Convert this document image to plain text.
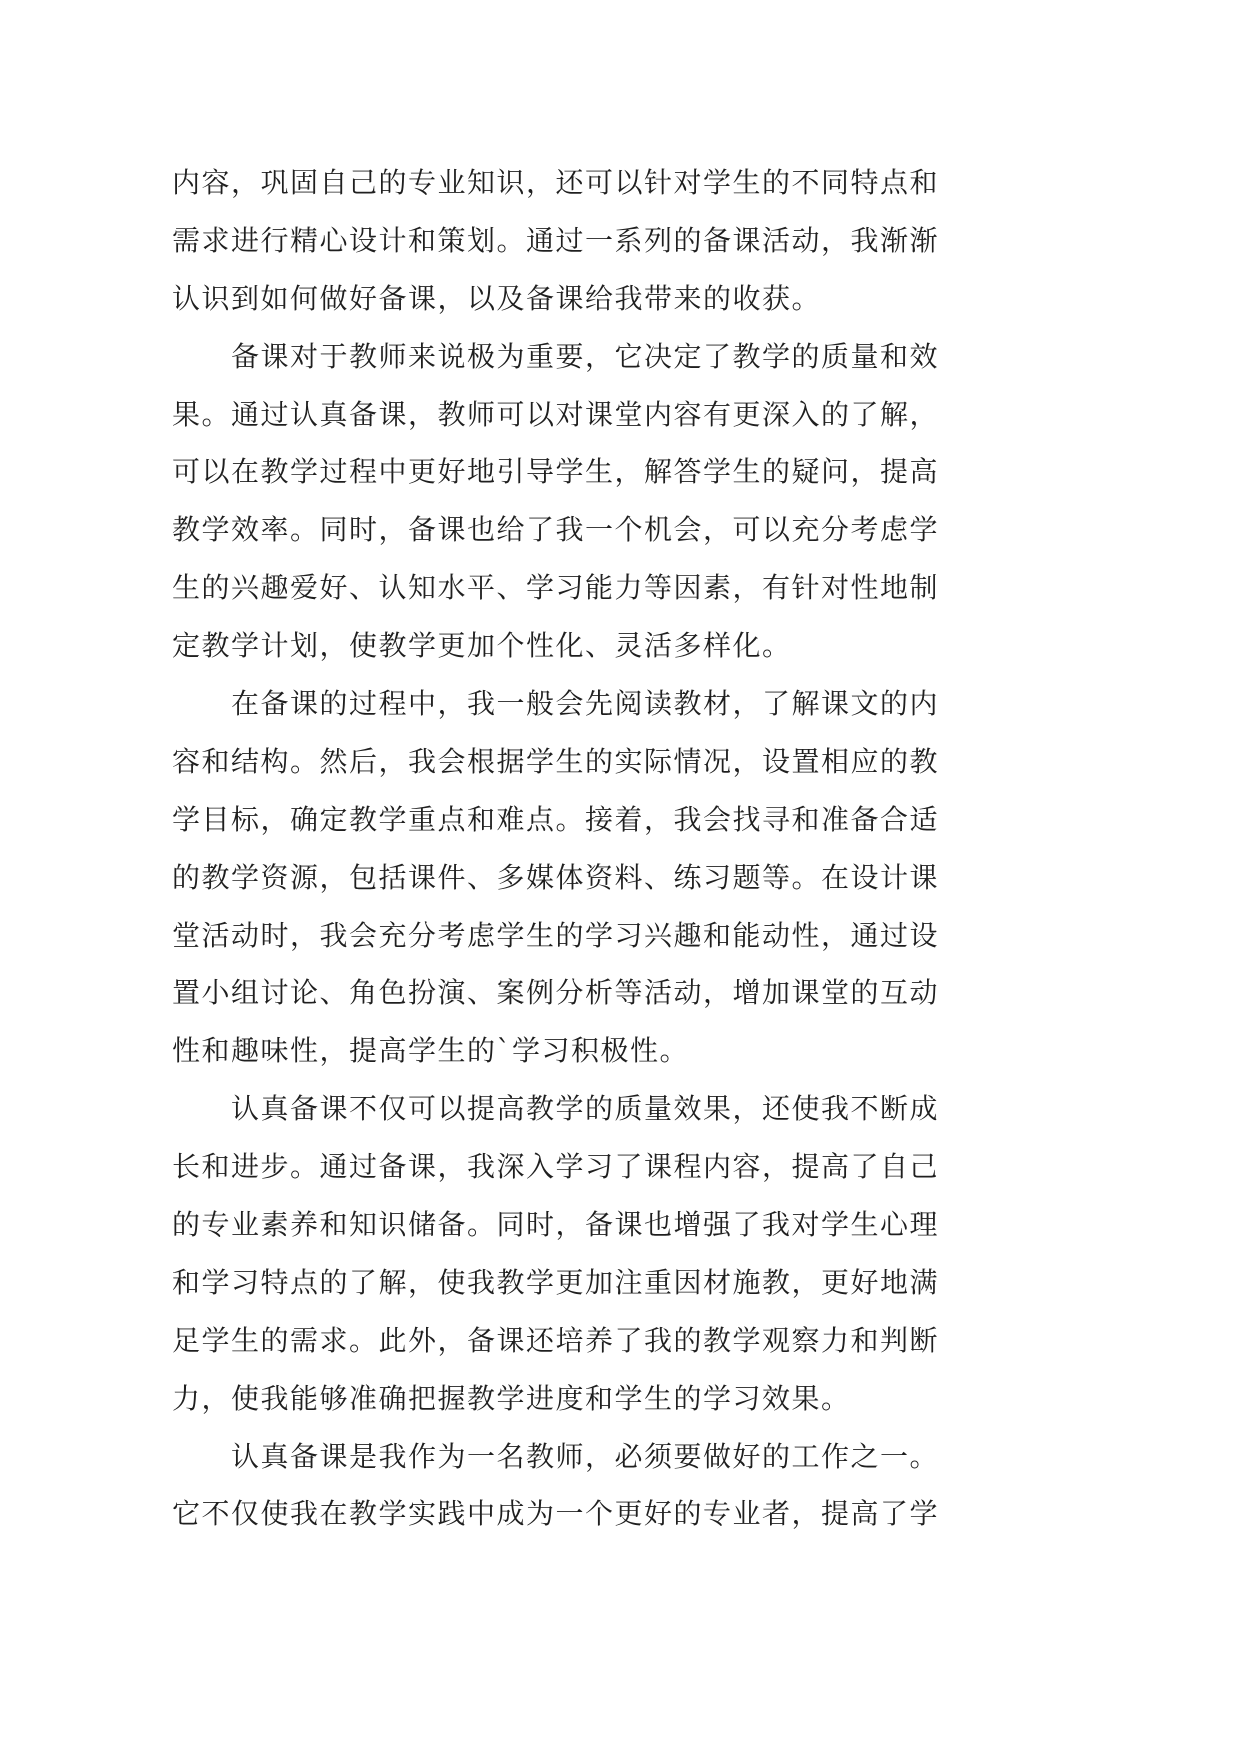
内容，巩固自己的专业知识，还可以针对学生的不同特点和
需求进行精心设计和策划。通过一系列的备课活动，我渐渐
认识到如何做好备课，以及备课给我带来的收获。
备课对于教师来说极为重要，它决定了教学的质量和效
果。通过认真备课，教师可以对课堂内容有更深入的了解，
可以在教学过程中更好地引导学生，解答学生的疑问，提高
教学效率。同时，备课也给了我一个机会，可以充分考虑学
生的兴趣爱好、认知水平、学习能力等因素，有针对性地制
定教学计划，使教学更加个性化、灵活多样化。
在备课的过程中，我一般会先阅读教材，了解课文的内
容和结构。然后，我会根据学生的实际情况，设置相应的教
学目标，确定教学重点和难点。接着，我会找寻和准备合适
的教学资源，包括课件、多媒体资料、练习题等。在设计课
堂活动时，我会充分考虑学生的学习兴趣和能动性，通过设
置小组讨论、角色扮演、案例分析等活动，增加课堂的互动
性和趣味性，提高学生的`学习积极性。
认真备课不仅可以提高教学的质量效果，还使我不断成
长和进步。通过备课，我深入学习了课程内容，提高了自己
的专业素养和知识储备。同时，备课也增强了我对学生心理
和学习特点的了解，使我教学更加注重因材施教，更好地满
足学生的需求。此外，备课还培养了我的教学观察力和判断
力，使我能够准确把握教学进度和学生的学习效果。
认真备课是我作为一名教师，必须要做好的工作之一。
它不仅使我在教学实践中成为一个更好的专业者，提高了学
